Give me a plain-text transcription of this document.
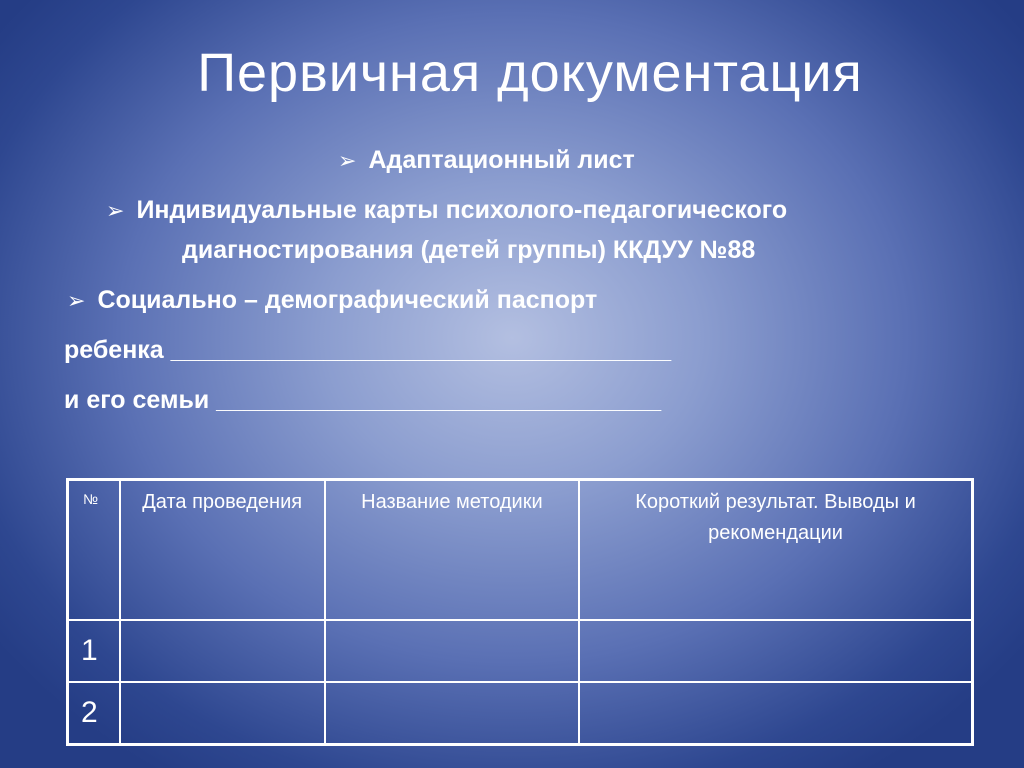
Первичная документация
➢ Адаптационный лист
➢ Индивидуальные карты психолого-педагогического
диагностирования (детей группы) ККДУУ №88
➢ Социально – демографический паспорт
ребенка ____________________________________
и его семьи ________________________________
№	Дата проведения	Название методики	Короткий результат. Выводы и рекомендации
1			
2			
